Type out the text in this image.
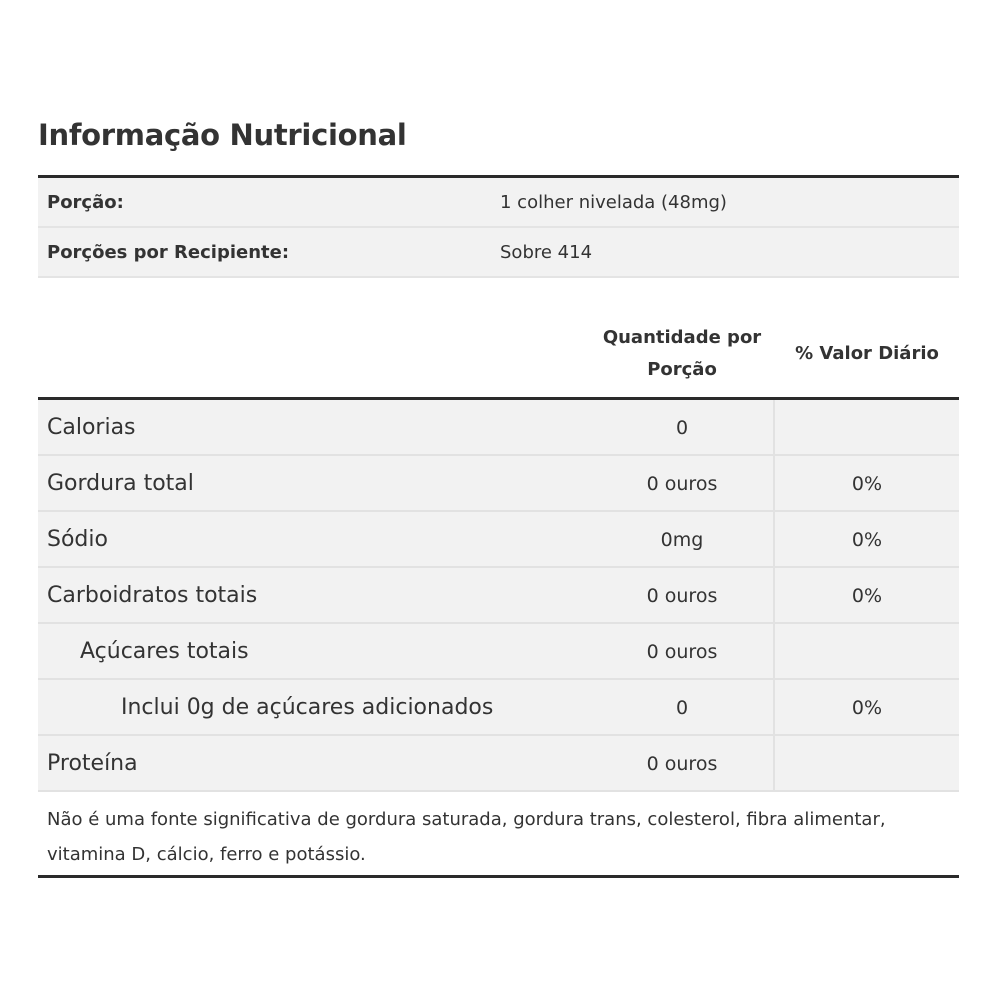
Informação Nutricional
Porção:	1 colher nivelada (48mg)
Porções por Recipiente:	Sobre 414
Quantidade por
Porção
% Valor Diário
Calorias	0
Gordura total	0 ouros	0%
Sódio	0mg	0%
Carboidratos totais	0 ouros	0%
Açúcares totais	0 ouros
Inclui 0g de açúcares adicionados	0	0%
Proteína	0 ouros
Não é uma fonte significativa de gordura saturada, gordura trans, colesterol, fibra alimentar, vitamina D, cálcio, ferro e potássio.
